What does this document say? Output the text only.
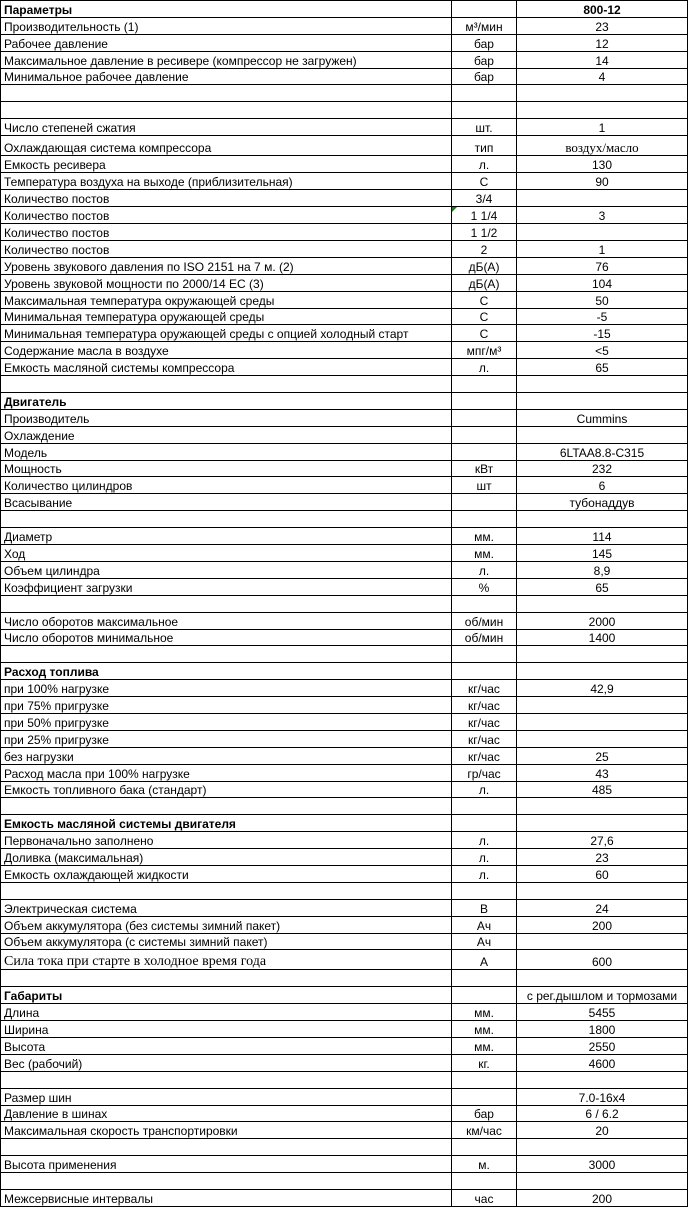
Параметры		800-12
Производительность (1)	м³/мин	23
Рабочее давление	бар	12
Максимальное давление в ресивере (компрессор не загружен)	бар	14
Минимальное рабочее давление	бар	4

Число степеней сжатия	шт.	1
Охлаждающая система компрессора	тип	воздух/масло
Емкость ресивера	л.	130
Температура воздуха на выходе (приблизительная)	С	90
Количество постов	3/4	
Количество постов	1 1/4	3
Количество постов	1 1/2	
Количество постов	2	1
Уровень звукового давления по ISO 2151 на 7 м. (2)	дБ(А)	76
Уровень звуковой мощности по 2000/14 ЕС (3)	дБ(А)	104
Максимальная температура окружающей среды	С	50
Минимальная температура оружающей среды	С	-5
Минимальная температура оружающей среды с опцией холодный старт	С	-15
Содержание масла в воздухе	мпг/м³	<5
Емкость масляной системы компрессора	л.	65

Двигатель		
Производитель		Cummins
Охлаждение		
Модель		6LTAA8.8-C315
Мощность	кВт	232
Количество цилиндров	шт	6
Всасывание		тубонаддув

Диаметр	мм.	114
Ход	мм.	145
Объем цилиндра	л.	8,9
Коэффициент загрузки	%	65

Число оборотов максимальное	об/мин	2000
Число оборотов минимальное	об/мин	1400

Расход топлива		
при 100% нагрузке	кг/час	42,9
при 75% пригрузке	кг/час	
при 50% пригрузке	кг/час	
при 25% пригрузке	кг/час	
без нагрузки	кг/час	25
Расход масла при 100% нагрузке	гр/час	43
Емкость топливного бака (стандарт)	л.	485

Емкость масляной системы двигателя		
Первоначально заполнено	л.	27,6
Доливка (максимальная)	л.	23
Емкость охлаждающей жидкости	л.	60

Электрическая система	В	24
Объем аккумулятора (без системы зимний пакет)	Ач	200
Объем аккумулятора (с системы зимний пакет)	Ач	
Сила тока при старте в холодное время года	А	600

Габариты		с рег.дышлом и тормозами
Длина	мм.	5455
Ширина	мм.	1800
Высота	мм.	2550
Вес (рабочий)	кг.	4600

Размер шин		7.0-16х4
Давление в шинах	бар	6 / 6.2
Максимальная скорость транспортировки	км/час	20

Высота применения	м.	3000

Межсервисные интервалы	час	200
